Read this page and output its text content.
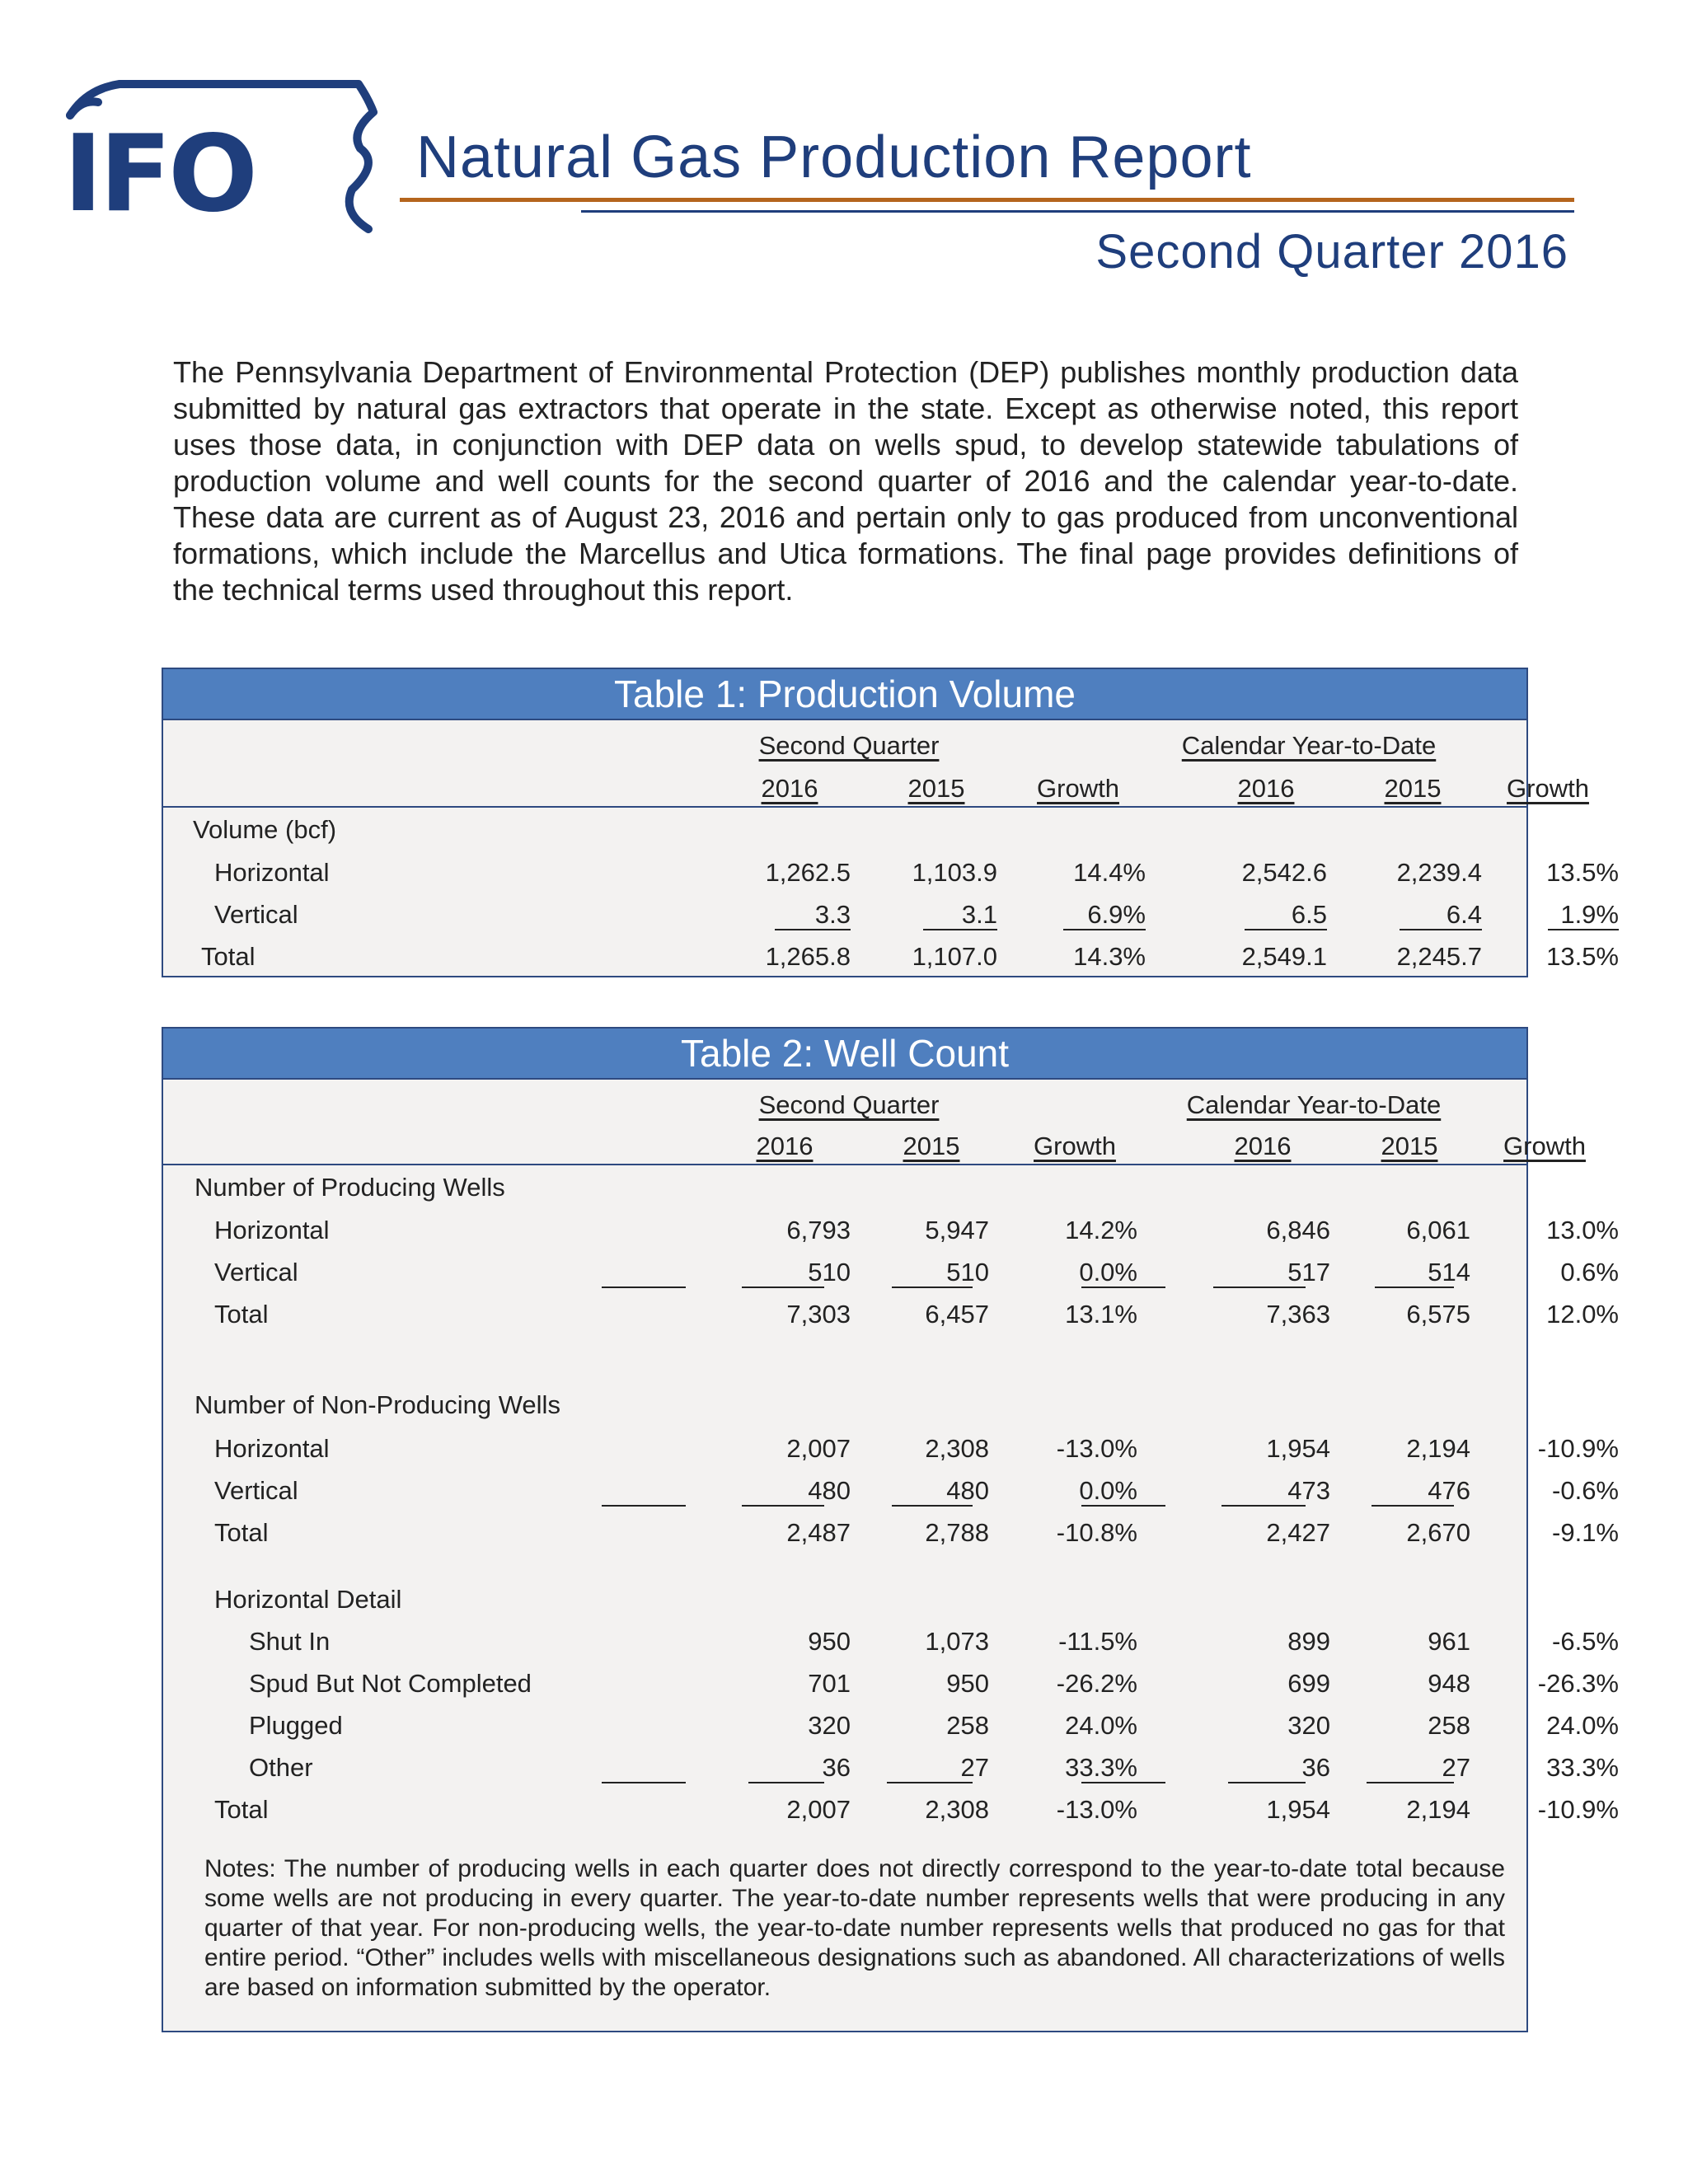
IFO	Natural Gas Production Report
Second Quarter 2016

The Pennsylvania Department of Environmental Protection (DEP) publishes monthly production data submitted by natural gas extractors that operate in the state. Except as otherwise noted, this report uses those data, in conjunction with DEP data on wells spud, to develop statewide tabulations of production volume and well counts for the second quarter of 2016 and the calendar year-to-date. These data are current as of August 23, 2016 and pertain only to gas produced from unconventional formations, which include the Marcellus and Utica formations. The final page provides definitions of the technical terms used throughout this report.

Table 1: Production Volume
Second Quarter	Calendar Year-to-Date
2016	2015	Growth	2016	2015	Growth
Volume (bcf)
Horizontal	1,262.5	1,103.9	14.4%	2,542.6	2,239.4	13.5%
Vertical	3.3	3.1	6.9%	6.5	6.4	1.9%
Total	1,265.8	1,107.0	14.3%	2,549.1	2,245.7	13.5%
Table 2: Well Count
Second Quarter	Calendar Year-to-Date
2016	2015	Growth	2016	2015	Growth
Number of Producing Wells
Horizontal	6,793	5,947	14.2%	6,846	6,061	13.0%
Vertical	510	510	0.0%	517	514	0.6%
Total	7,303	6,457	13.1%	7,363	6,575	12.0%
Number of Non-Producing Wells
Horizontal	2,007	2,308	-13.0%	1,954	2,194	-10.9%
Vertical	480	480	0.0%	473	476	-0.6%
Total	2,487	2,788	-10.8%	2,427	2,670	-9.1%
Horizontal Detail
Shut In	950	1,073	-11.5%	899	961	-6.5%
Spud But Not Completed	701	950	-26.2%	699	948	-26.3%
Plugged	320	258	24.0%	320	258	24.0%
Other	36	27	33.3%	36	27	33.3%
Total	2,007	2,308	-13.0%	1,954	2,194	-10.9%

Notes: The number of producing wells in each quarter does not directly correspond to the year-to-date total because some wells are not producing in every quarter. The year-to-date number represents wells that were producing in any quarter of that year. For non-producing wells, the year-to-date number represents wells that produced no gas for that entire period. “Other” includes wells with miscellaneous designations such as abandoned. All characterizations of wells are based on information submitted by the operator.
